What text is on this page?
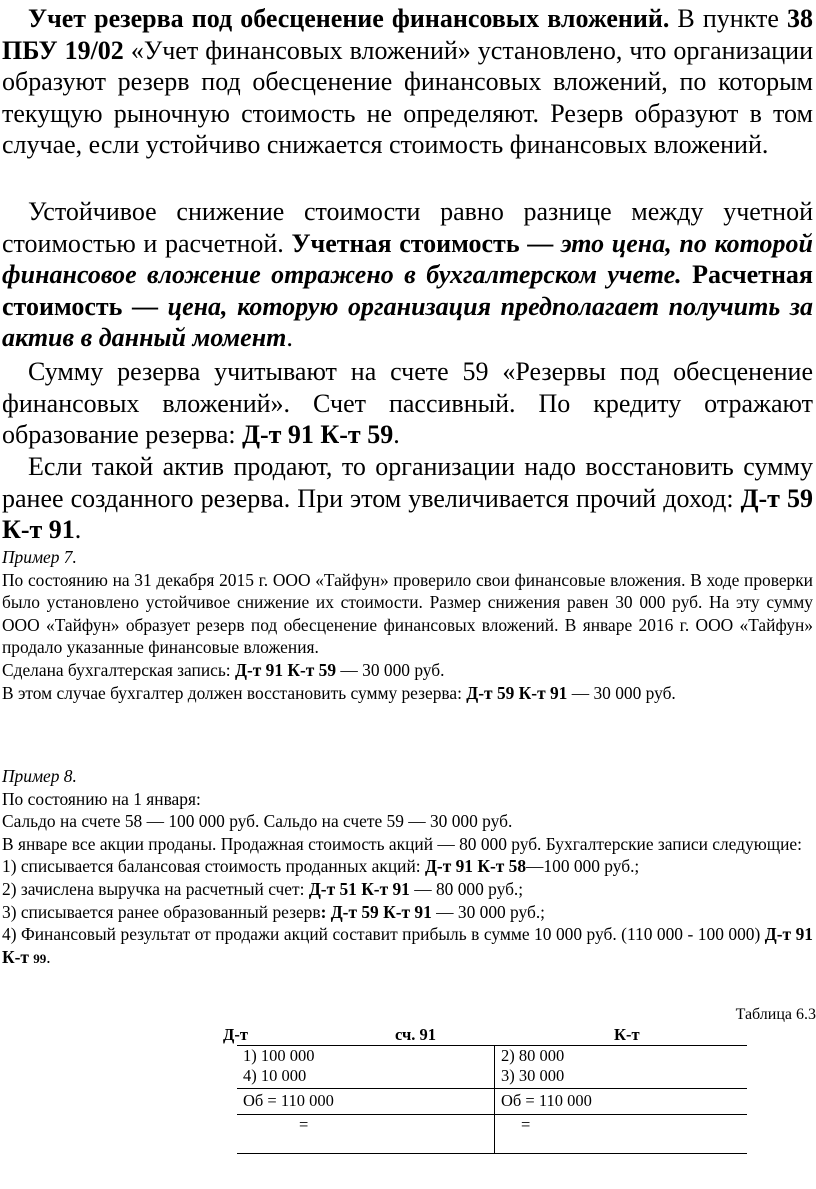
Учет резерва под обесценение финансовых вложений. В пункте 38 ПБУ 19/02 «Учет финансовых вложений» установлено, что организации образуют резерв под обесценение финансовых вложений, по которым текущую рыночную стоимость не определяют. Резерв образуют в том случае, если устойчиво снижается стоимость финансовых вложений.

Устойчивое снижение стоимости равно разнице между учетной стоимостью и расчетной. Учетная стоимость — это цена, по которой финансовое вложение отражено в бухгалтерском учете. Расчетная стоимость — цена, которую организация предполагает получить за актив в данный момент.

Сумму резерва учитывают на счете 59 «Резервы под обесценение финансовых вложений». Счет пассивный. По кредиту отражают образование резерва: Д-т 91 К-т 59.

Если такой актив продают, то организации надо восстановить сумму ранее созданного резерва. При этом увеличивается прочий доход: Д-т 59 К-т 91.

Пример 7.

По состоянию на 31 декабря 2015 г. ООО «Тайфун» проверило свои финансовые вложения. В ходе проверки было установлено устойчивое снижение их стоимости. Размер снижения равен 30 000 руб. На эту сумму ООО «Тайфун» образует резерв под обесценение финансовых вложений. В январе 2016 г. ООО «Тайфун» продало указанные финансовые вложения.

Сделана бухгалтерская запись: Д-т 91 К-т 59 — 30 000 руб.

В этом случае бухгалтер должен восстановить сумму резерва: Д-т 59 К-т 91 — 30 000 руб.

Пример 8.

По состоянию на 1 января:

Сальдо на счете 58 — 100 000 руб. Сальдо на счете 59 — 30 000 руб.

В январе все акции проданы. Продажная стоимость акций — 80 000 руб. Бухгалтерские записи следующие:

1) списывается балансовая стоимость проданных акций: Д-т 91 К-т 58—100 000 руб.;

2) зачислена выручка на расчетный счет: Д-т 51 К-т 91 — 80 000 руб.;

3) списывается ранее образованный резерв: Д-т 59 К-т 91 — 30 000 руб.;

4) Финансовый результат от продажи акций составит прибыль в сумме 10 000 руб. (110 000 - 100 000) Д-т 91 К-т 99.

Таблица 6.3

Д-т	сч. 91	К-т
1) 100 000	2) 80 000
4) 10 000	3) 30 000
Об = 110 000	Об = 110 000
=	=
